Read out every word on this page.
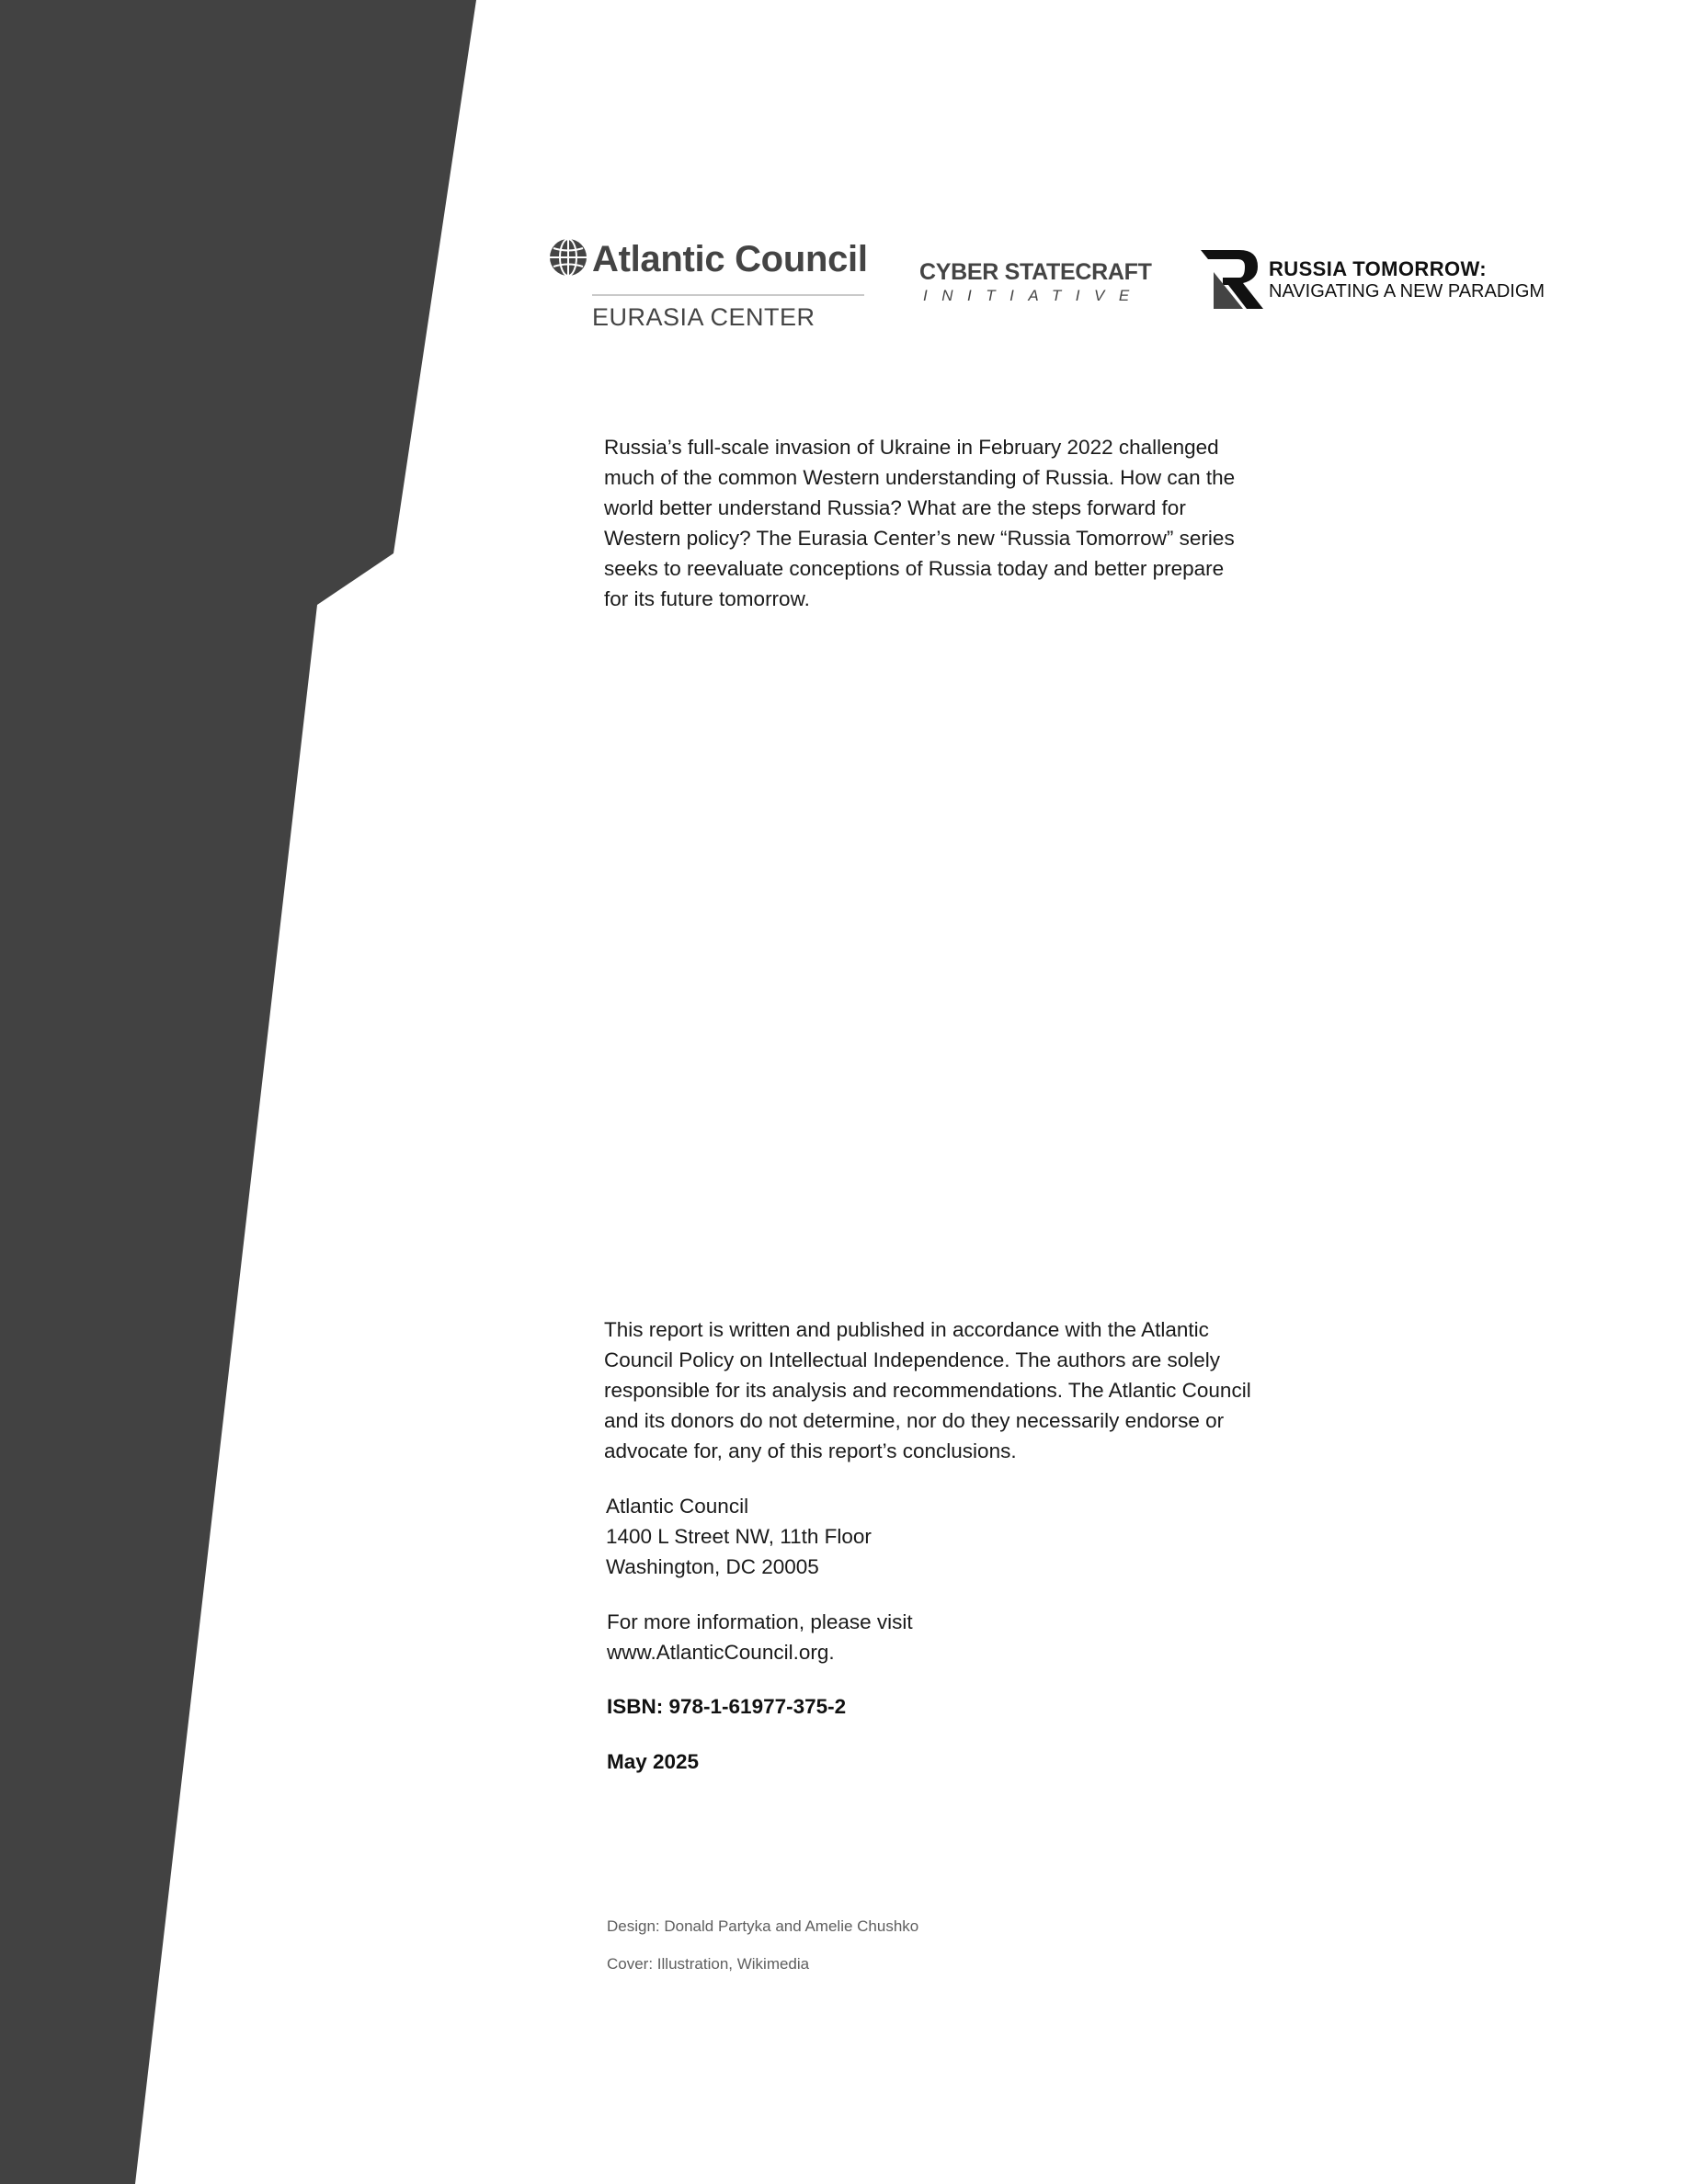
Atlantic Council
EURASIA CENTER
CYBER STATECRAFT
INITIATIVE
RUSSIA TOMORROW:
NAVIGATING A NEW PARADIGM

Russia’s full-scale invasion of Ukraine in February 2022 challenged much of the common Western understanding of Russia. How can the world better understand Russia? What are the steps forward for Western policy? The Eurasia Center’s new “Russia Tomorrow” series seeks to reevaluate conceptions of Russia today and better prepare for its future tomorrow.

This report is written and published in accordance with the Atlantic Council Policy on Intellectual Independence. The authors are solely responsible for its analysis and recommendations. The Atlantic Council and its donors do not determine, nor do they necessarily endorse or advocate for, any of this report’s conclusions.

Atlantic Council
1400 L Street NW, 11th Floor
Washington, DC 20005
For more information, please visit
www.AtlanticCouncil.org.

ISBN: 978-1-61977-375-2

May 2025

Design: Donald Partyka and Amelie Chushko

Cover: Illustration, Wikimedia
